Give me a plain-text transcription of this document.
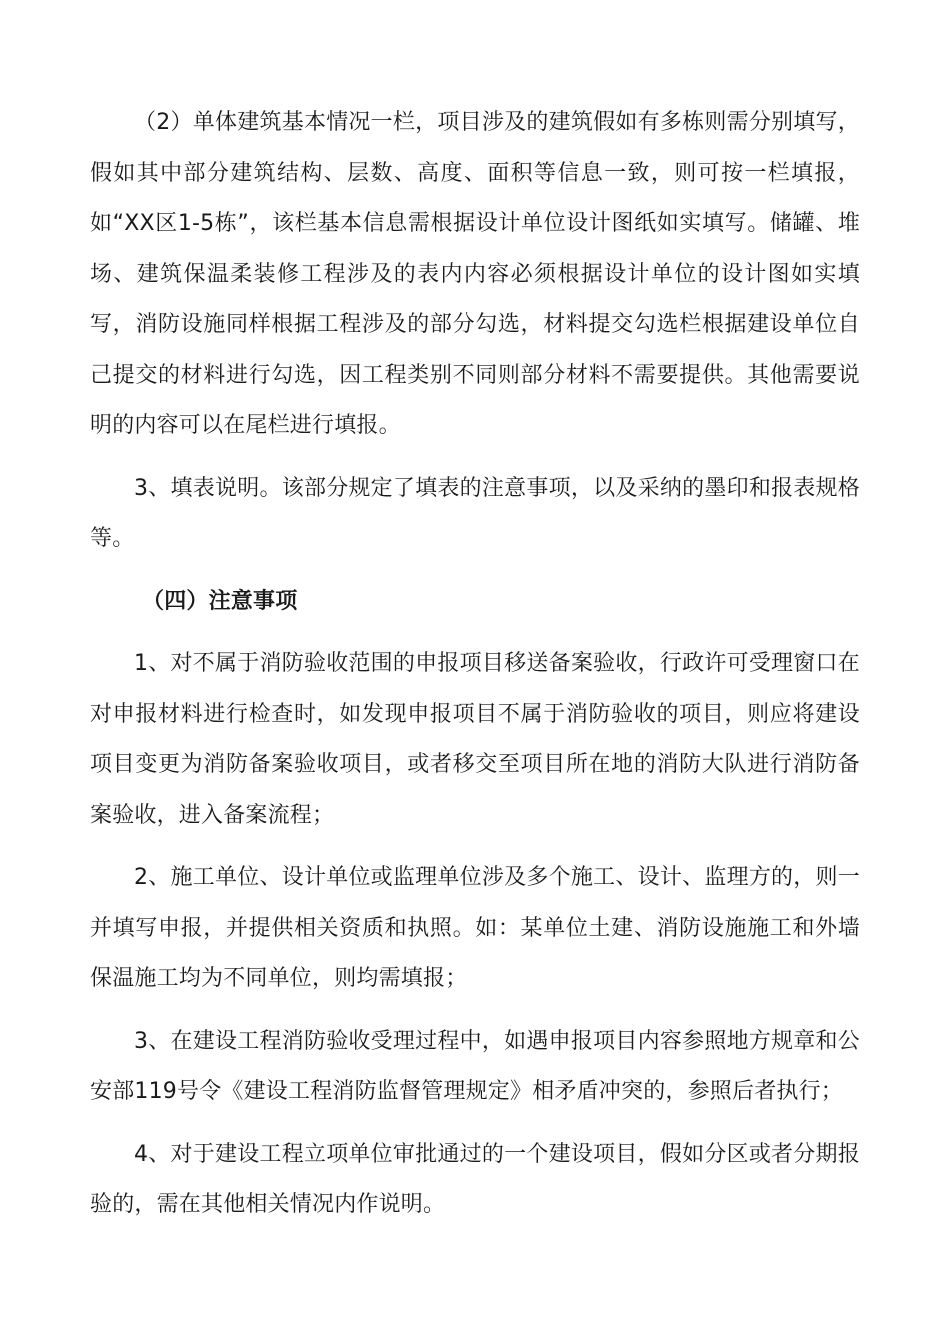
（2）单体建筑基本情况一栏，项目涉及的建筑假如有多栋则需分别填写，假如其中部分建筑结构、层数、高度、面积等信息一致，则可按一栏填报，如“XX区1-5栋”，该栏基本信息需根据设计单位设计图纸如实填写。储罐、堆场、建筑保温柔装修工程涉及的表内内容必须根据设计单位的设计图如实填写，消防设施同样根据工程涉及的部分勾选，材料提交勾选栏根据建设单位自己提交的材料进行勾选，因工程类别不同则部分材料不需要提供。其他需要说明的内容可以在尾栏进行填报。

3、填表说明。该部分规定了填表的注意事项，以及采纳的墨印和报表规格等。

（四）注意事项

1、对不属于消防验收范围的申报项目移送备案验收，行政许可受理窗口在对申报材料进行检查时，如发现申报项目不属于消防验收的项目，则应将建设项目变更为消防备案验收项目，或者移交至项目所在地的消防大队进行消防备案验收，进入备案流程；

2、施工单位、设计单位或监理单位涉及多个施工、设计、监理方的，则一并填写申报，并提供相关资质和执照。如：某单位土建、消防设施施工和外墙保温施工均为不同单位，则均需填报；

3、在建设工程消防验收受理过程中，如遇申报项目内容参照地方规章和公安部119号令《建设工程消防监督管理规定》相矛盾冲突的，参照后者执行；

4、对于建设工程立项单位审批通过的一个建设项目，假如分区或者分期报验的，需在其他相关情况内作说明。
